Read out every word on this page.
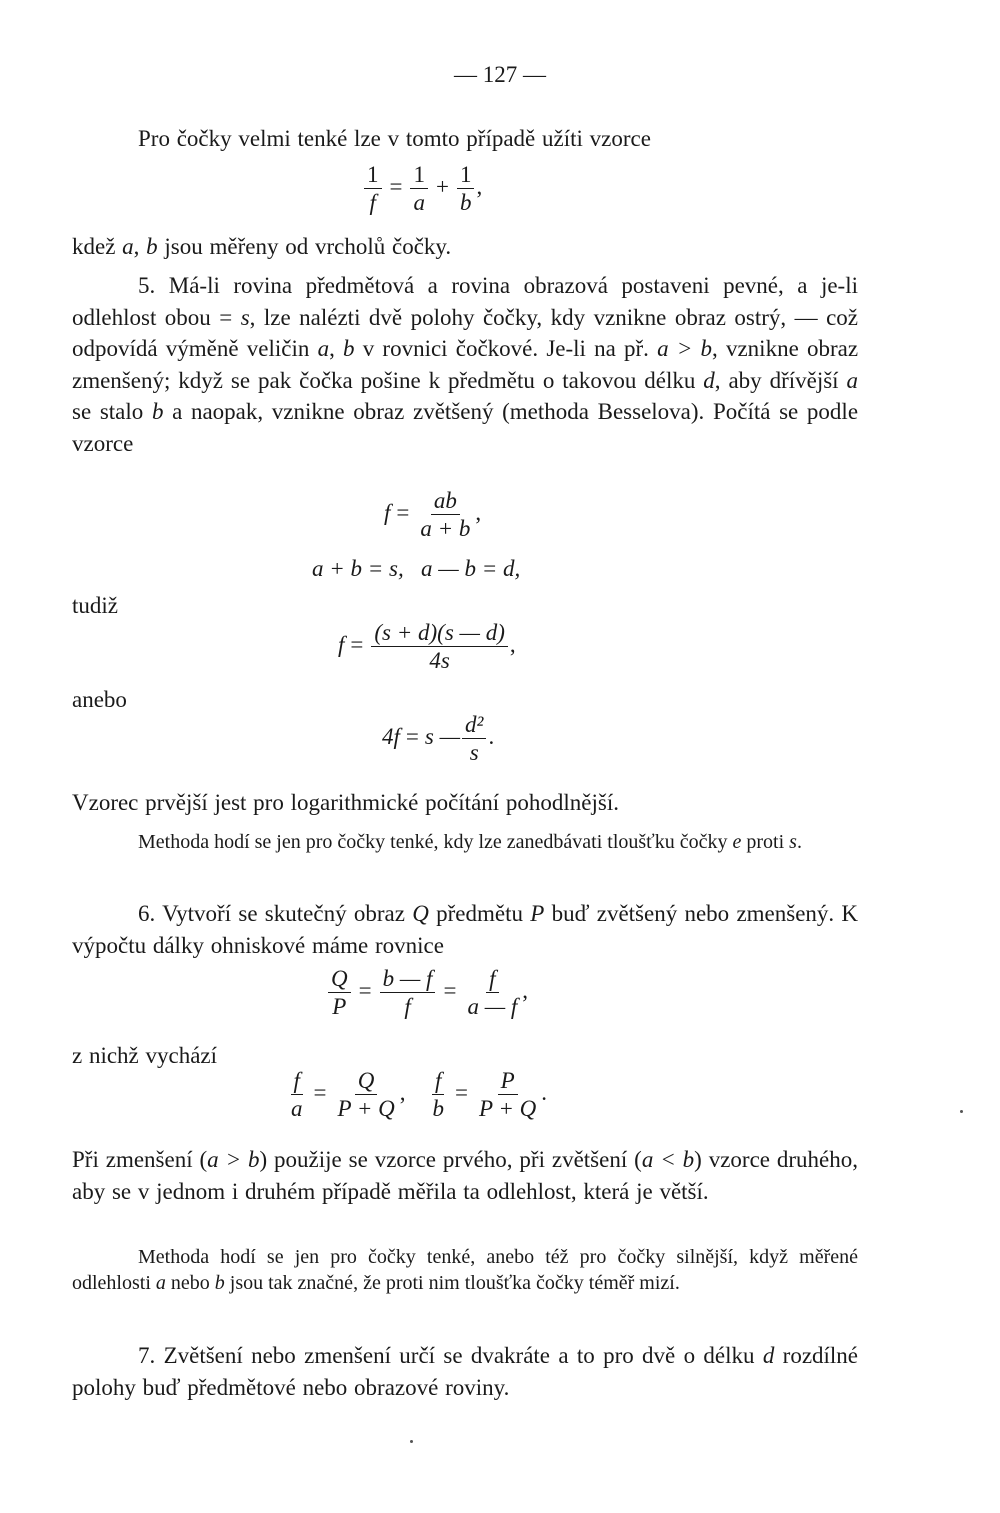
— 127 —
Pro čočky velmi tenké lze v tomto případě užíti vzorce
$\frac{1}{f} = \frac{1}{a} + \frac{1}{b}$ ,
kdež a, b jsou měřeny od vrcholů čočky.
5. Má-li rovina předmětová a rovina obrazová postaveni pevné, a je-li odlehlost obou = s, lze nalézti dvě polohy čočky, kdy vznikne obraz ostrý, — což odpovídá výměně veličin a, b v rovnici čočkové. Je-li na př. a > b, vznikne obraz zmenšený; když se pak čočka pošine k předmětu o takovou délku d, aby dřívější a se stalo b a naopak, vznikne obraz zvětšený (methoda Besselova). Počítá se podle vzorce
$f = \frac{ab}{a + b}$ ,
a + b = s,   a — b = d,
tudiž
$f = \frac{(s + d)(s — d)}{4s}$ ,
anebo
4f = s — $\frac{\text{d²}}{s}$ .
Vzorec prvější jest pro logarithmické počítání pohodlnější.
Methoda hodí se jen pro čočky tenké, kdy lze zanedbávati tloušťku čočky e proti s.
6. Vytvoří se skutečný obraz Q předmětu P buď zvětšený nebo zmenšený. K výpočtu dálky ohniskové máme rovnice
$\frac{Q}{P} = \frac{b — f}{f} = \frac{f}{a — f}$ ,
z nichž vychází
$\frac{f}{a} = \frac{Q}{P + Q}$ , $\frac{f}{b} = \frac{P}{P + Q}$ .
Při zmenšení (a > b) použije se vzorce prvého, při zvětšení (a < b) vzorce druhého, aby se v jednom i druhém případě měřila ta odlehlost, která je větší.
Methoda hodí se jen pro čočky tenké, anebo též pro čočky silnější, když měřené odlehlosti a nebo b jsou tak značné, že proti nim tloušťka čočky téměř mizí.
7. Zvětšení nebo zmenšení určí se dvakráte a to pro dvě o délku d rozdílné polohy buď předmětové nebo obrazové roviny.
